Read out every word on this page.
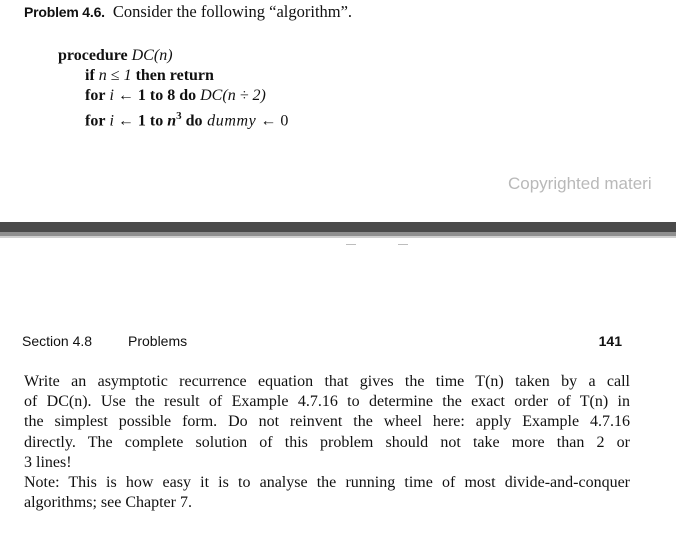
Problem 4.6. Consider the following “algorithm”.
procedure DC(n)
if n ≤ 1 then return
for i ← 1 to 8 do DC(n ÷ 2)
for i ← 1 to $n^3$ do dummy ← 0
Copyrighted materi
Section 4.8	Problems	141
Write an asymptotic recurrence equation that gives the time T(n) taken by a call
of DC(n). Use the result of Example 4.7.16 to determine the exact order of T(n) in
the simplest possible form. Do not reinvent the wheel here: apply Example 4.7.16
directly. The complete solution of this problem should not take more than 2 or
3 lines!
Note: This is how easy it is to analyse the running time of most divide-and-conquer
algorithms; see Chapter 7.
